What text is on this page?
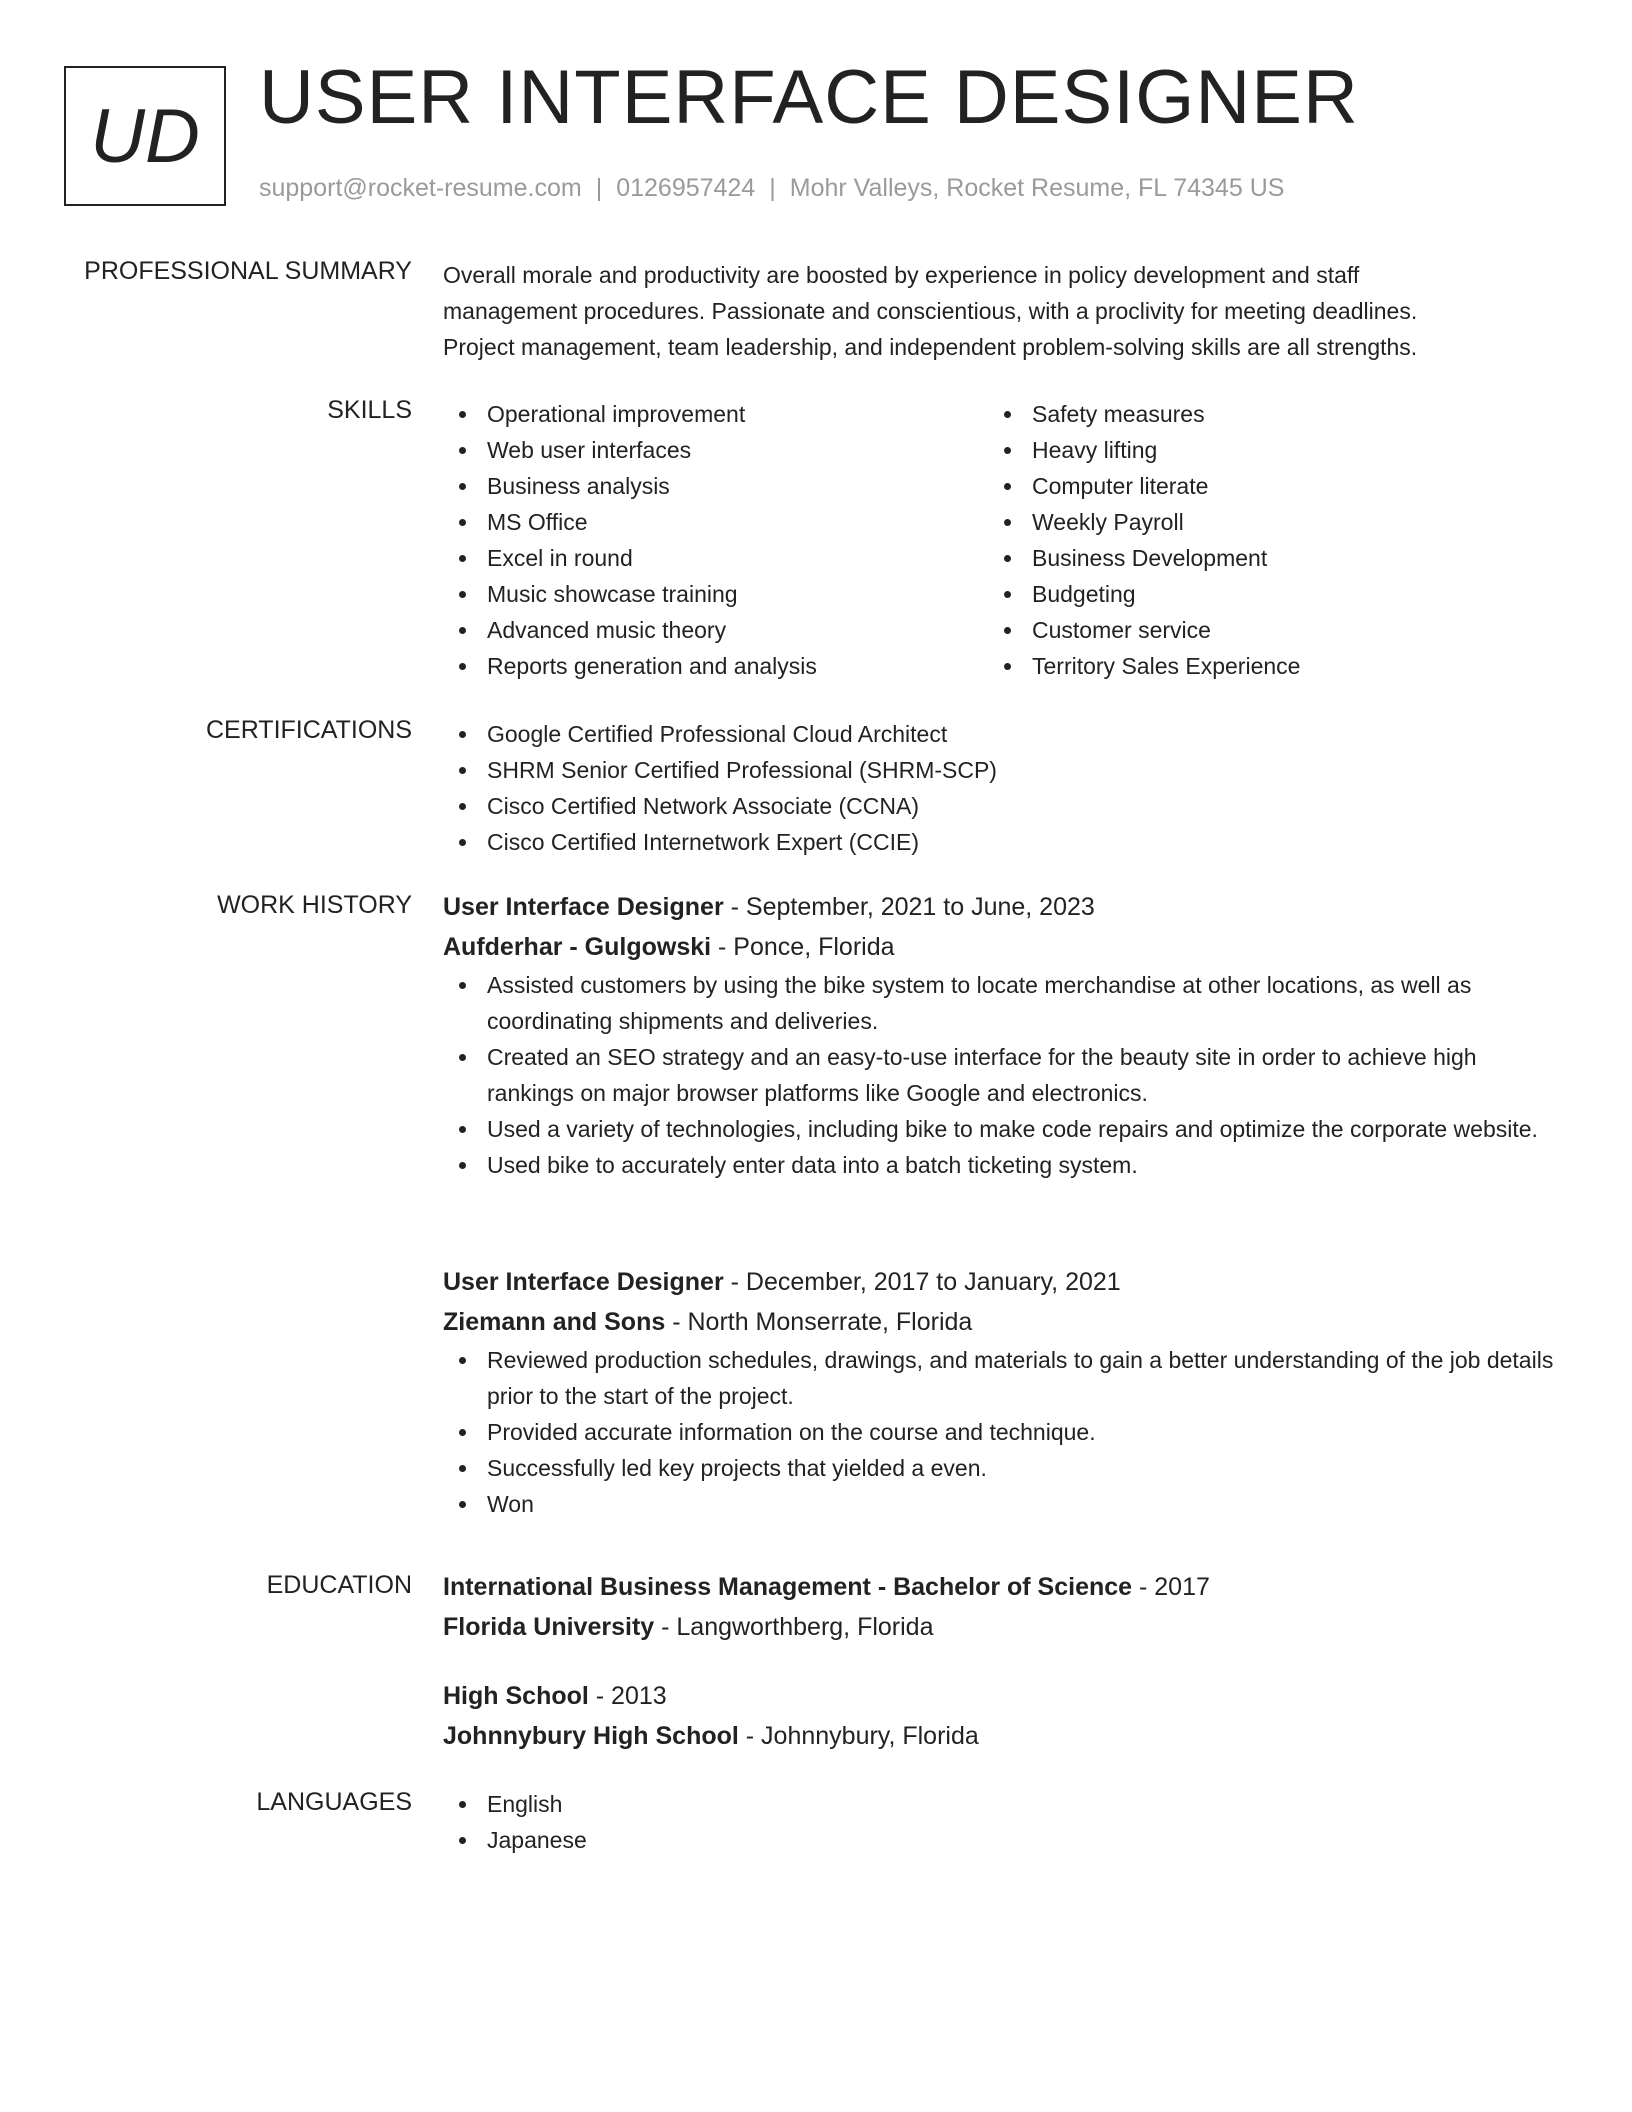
UD USER INTERFACE DESIGNER
support@rocket-resume.com | 0126957424 | Mohr Valleys, Rocket Resume, FL 74345 US
PROFESSIONAL SUMMARY Overall morale and productivity are boosted by experience in policy development and staff
management procedures. Passionate and conscientious, with a proclivity for meeting deadlines.
Project management, team leadership, and independent problem-solving skills are all strengths.
SKILLS	Operational improvement
Web user interfaces
Business analysis
MS Office
Excel in round
Music showcase training
Advanced music theory
Reports generation and analysis
Safety measures
Heavy lifting
Computer literate
Weekly Payroll
Business Development
Budgeting
Customer service
Territory Sales Experience
CERTIFICATIONS	Google Certified Professional Cloud Architect
SHRM Senior Certified Professional (SHRM-SCP)
Cisco Certified Network Associate (CCNA)
Cisco Certified Internetwork Expert (CCIE)
WORK HISTORY User Interface Designer - September, 2021 to June, 2023
Aufderhar - Gulgowski - Ponce, Florida
Assisted customers by using the bike system to locate merchandise at other locations, as well as coordinating shipments and deliveries.
Created an SEO strategy and an easy-to-use interface for the beauty site in order to achieve high rankings on major browser platforms like Google and electronics.
Used a variety of technologies, including bike to make code repairs and optimize the corporate website.
Used bike to accurately enter data into a batch ticketing system.
User Interface Designer - December, 2017 to January, 2021
Ziemann and Sons - North Monserrate, Florida
Reviewed production schedules, drawings, and materials to gain a better understanding of the job details prior to the start of the project.
Provided accurate information on the course and technique.
Successfully led key projects that yielded a even.
Won
EDUCATION International Business Management - Bachelor of Science - 2017
Florida University - Langworthberg, Florida
High School - 2013
Johnnybury High School - Johnnybury, Florida
LANGUAGES	English
Japanese
